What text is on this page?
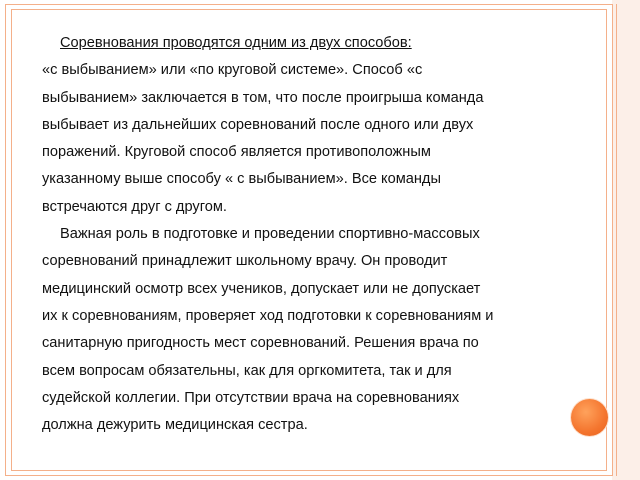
Соревнования проводятся одним из двух способов:

«с выбыванием» или «по круговой системе». Способ «с

выбыванием» заключается в том, что после проигрыша команда

выбывает из дальнейших соревнований после одного или двух

поражений. Круговой способ является противоположным

указанному выше способу « с выбыванием». Все команды

встречаются друг с другом.

Важная роль в подготовке и проведении спортивно-массовых

соревнований принадлежит школьному врачу. Он проводит

медицинский осмотр всех учеников, допускает или не допускает

их к соревнованиям, проверяет ход подготовки к соревнованиям и

санитарную пригодность мест соревнований. Решения врача по

всем вопросам обязательны, как для оргкомитета, так и для

судейской коллегии. При отсутствии врача на соревнованиях

должна дежурить медицинская сестра.
